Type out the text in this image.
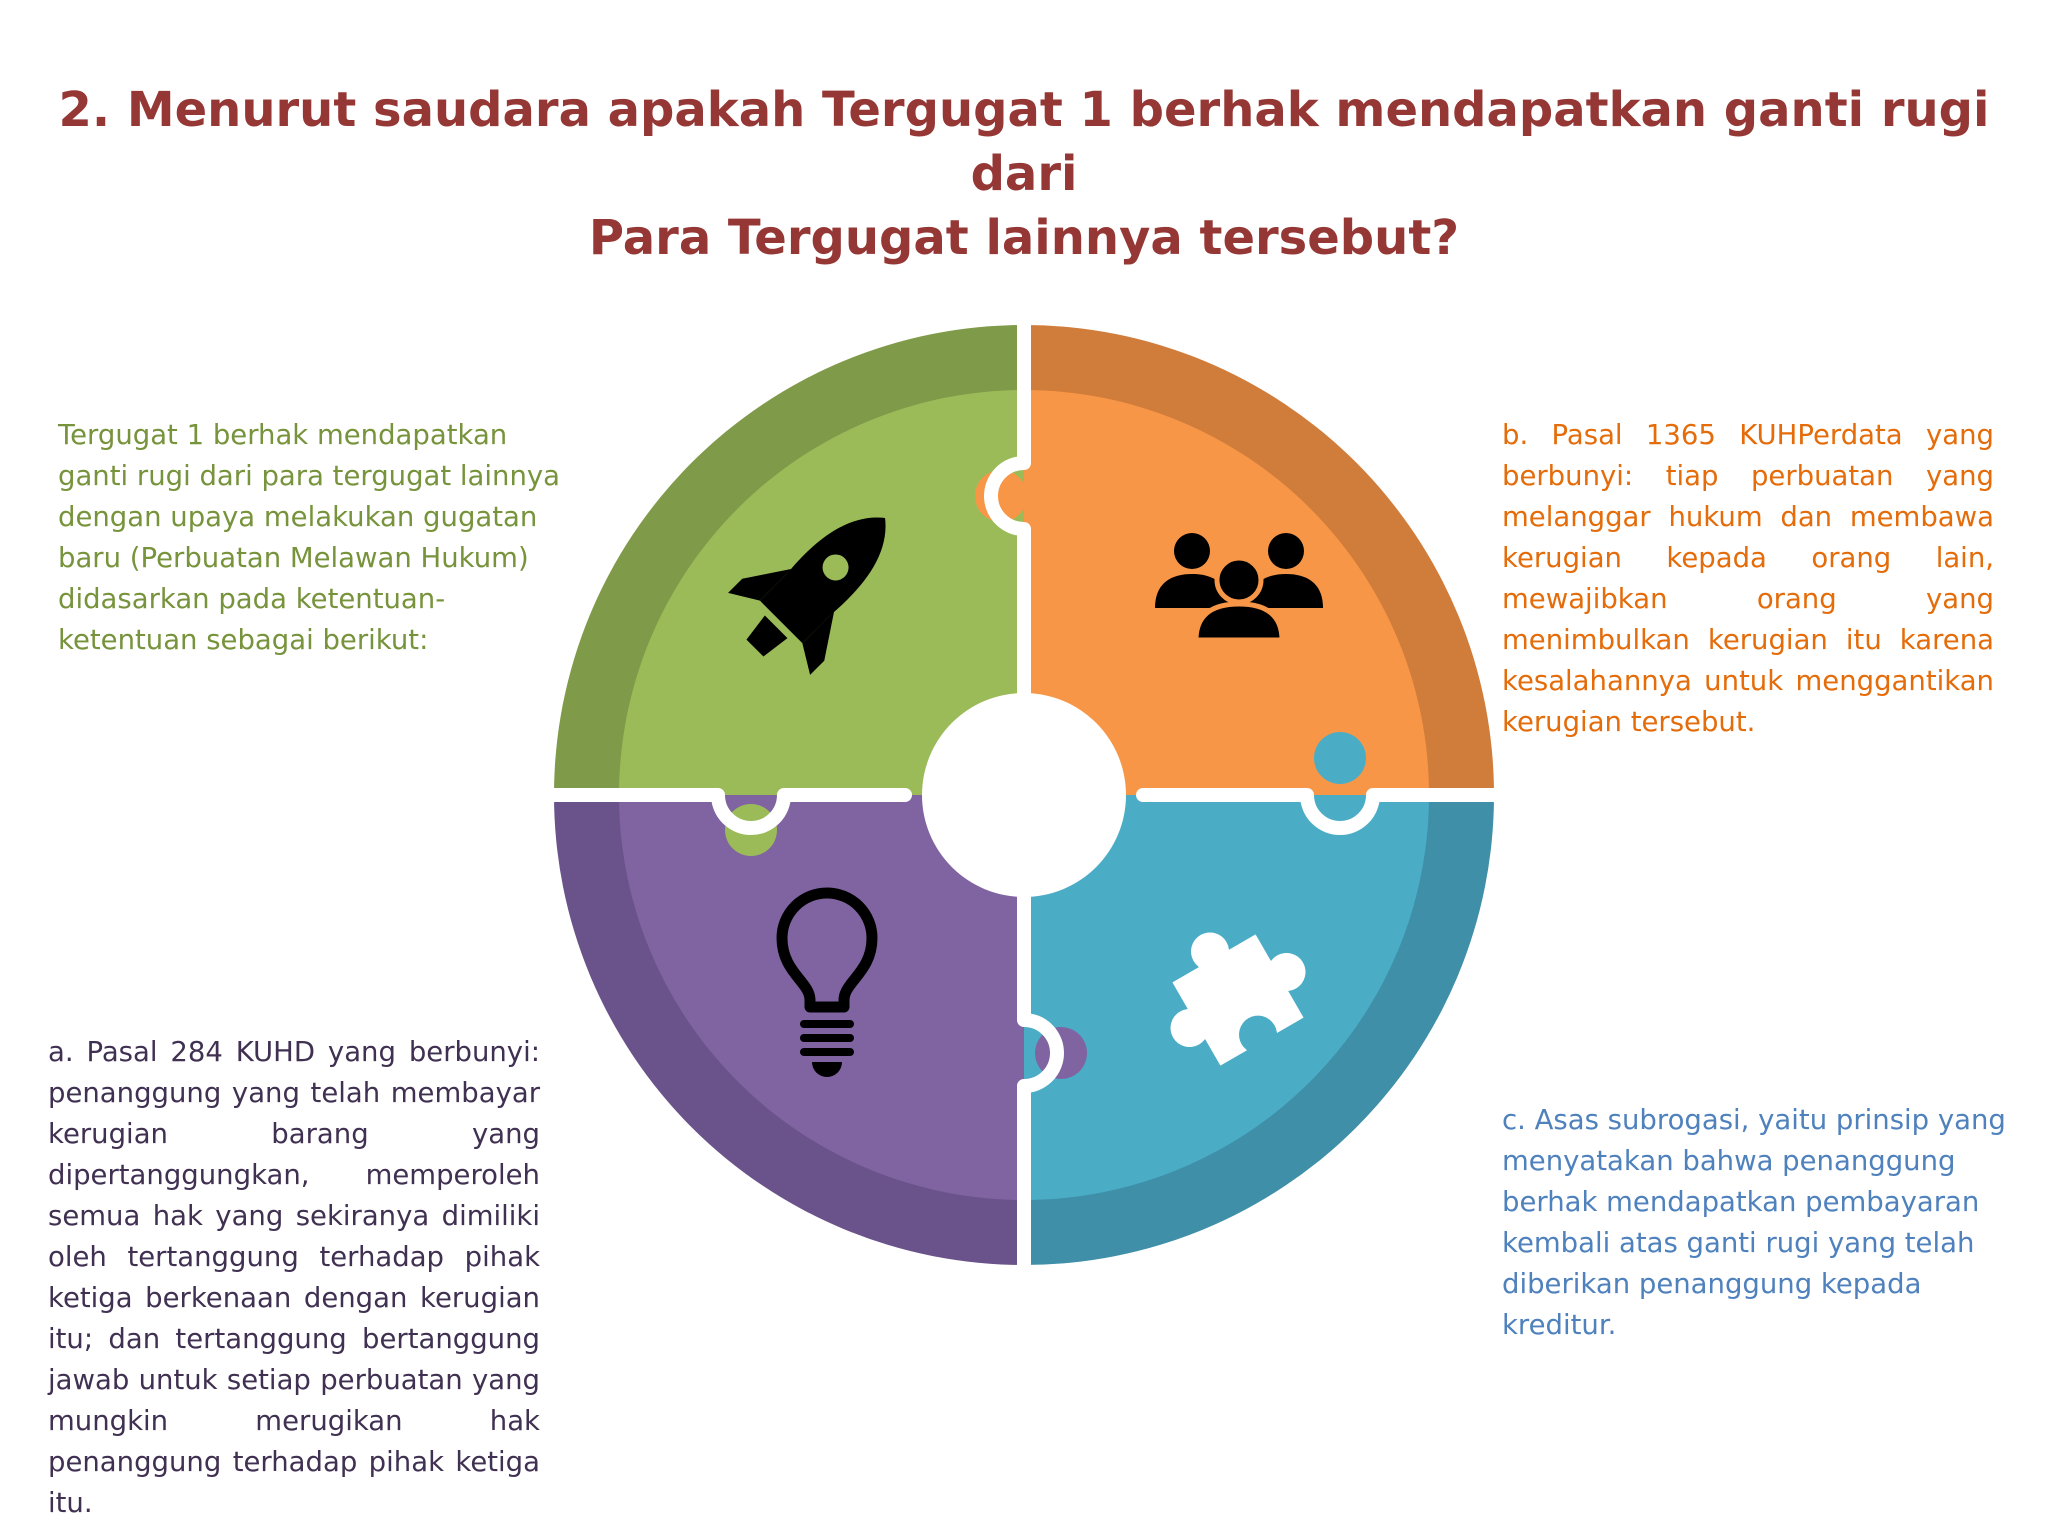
2. Menurut saudara apakah Tergugat 1 berhak mendapatkan ganti rugi dari
Para Tergugat lainnya tersebut?

Tergugat 1 berhak mendapatkan ganti rugi dari para tergugat lainnya dengan upaya melakukan gugatan baru (Perbuatan Melawan Hukum) didasarkan pada ketentuan-ketentuan sebagai berikut:

b. Pasal 1365 KUHPerdata yang berbunyi: tiap perbuatan yang melanggar hukum dan membawa kerugian kepada orang lain, mewajibkan orang yang menimbulkan kerugian itu karena kesalahannya untuk menggantikan kerugian tersebut.

a. Pasal 284 KUHD yang berbunyi: penanggung yang telah membayar kerugian barang yang dipertanggungkan, memperoleh semua hak yang sekiranya dimiliki oleh tertanggung terhadap pihak ketiga berkenaan dengan kerugian itu; dan tertanggung bertanggung jawab untuk setiap perbuatan yang mungkin merugikan hak penanggung terhadap pihak ketiga itu.

c. Asas subrogasi, yaitu prinsip yang menyatakan bahwa penanggung berhak mendapatkan pembayaran kembali atas ganti rugi yang telah diberikan penanggung kepada kreditur.
